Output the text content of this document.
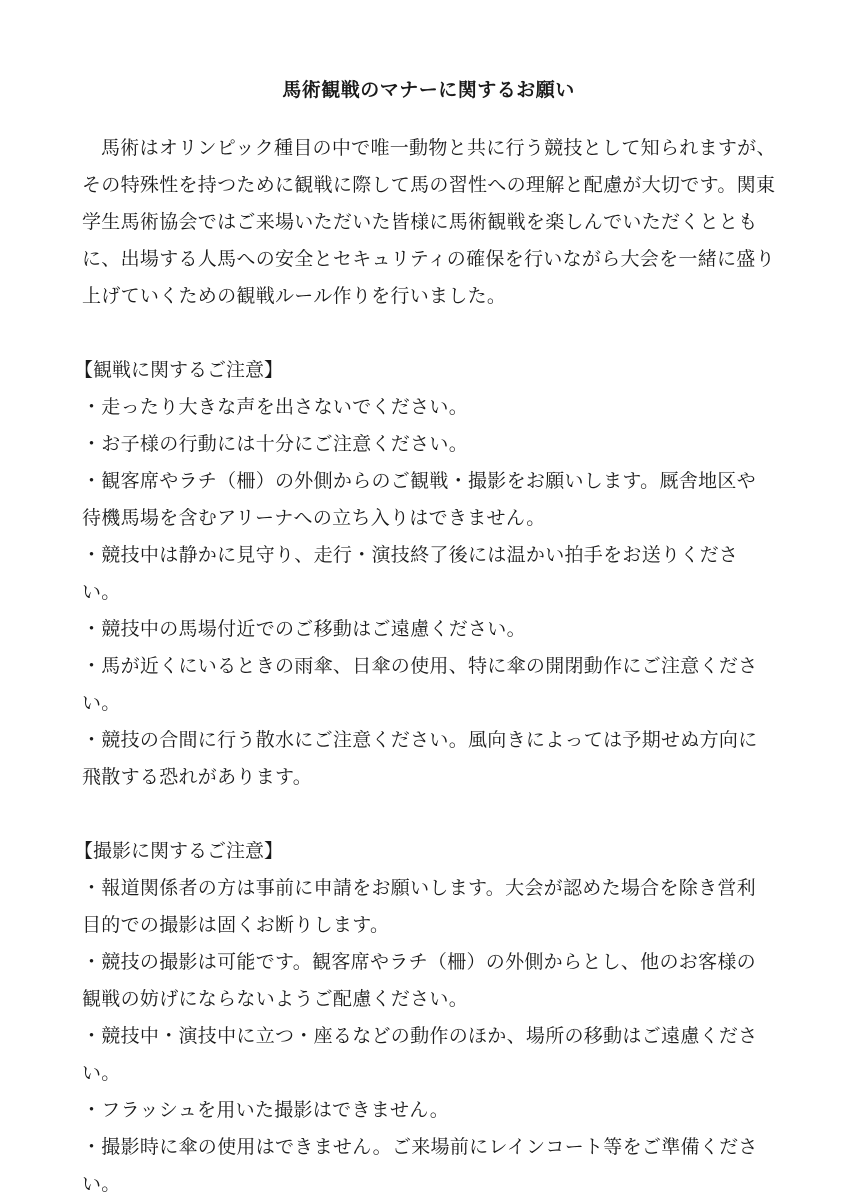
馬術観戦のマナーに関するお願い

馬術はオリンピック種目の中で唯一動物と共に行う競技として知られますが、その特殊性を持つために観戦に際して馬の習性への理解と配慮が大切です。関東学生馬術協会ではご来場いただいた皆様に馬術観戦を楽しんでいただくとともに、出場する人馬への安全とセキュリティの確保を行いながら大会を一緒に盛り上げていくための観戦ルール作りを行いました。

【観戦に関するご注意】

・走ったり大きな声を出さないでください。
・お子様の行動には十分にご注意ください。
・観客席やラチ（柵）の外側からのご観戦・撮影をお願いします。厩舎地区や待機馬場を含むアリーナへの立ち入りはできません。
・競技中は静かに見守り、走行・演技終了後には温かい拍手をお送りください。
・競技中の馬場付近でのご移動はご遠慮ください。
・馬が近くにいるときの雨傘、日傘の使用、特に傘の開閉動作にご注意ください。
・競技の合間に行う散水にご注意ください。風向きによっては予期せぬ方向に飛散する恐れがあります。

【撮影に関するご注意】

・報道関係者の方は事前に申請をお願いします。大会が認めた場合を除き営利目的での撮影は固くお断りします。
・競技の撮影は可能です。観客席やラチ（柵）の外側からとし、他のお客様の観戦の妨げにならないようご配慮ください。
・競技中・演技中に立つ・座るなどの動作のほか、場所の移動はご遠慮ください。
・フラッシュを用いた撮影はできません。
・撮影時に傘の使用はできません。ご来場前にレインコート等をご準備ください。
